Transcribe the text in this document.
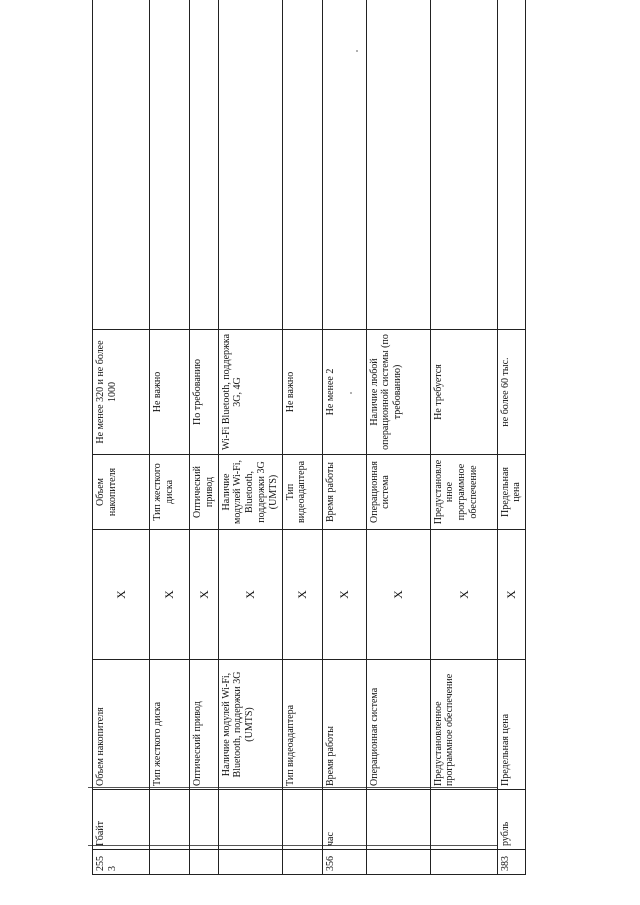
2553	Гбайт	Объем накопителя	X	Объем накопителя	Не менее 320 и не более 1000	
		Тип жесткого диска	X	Тип жесткого диска	Не важно	
		Оптический привод	X	Оптический привод	По требованию	
		Наличие модулей Wi-Fi, Bluetooth, поддержки 3G (UMTS)	X	Наличие модулей Wi-Fi, Bluetooth, поддержки 3G (UMTS)	Wi-Fi Bluetooth, поддержка 3G, 4G	
		Тип видеоадаптера	X	Тип видеоадаптера	Не важно	
356	час	Время работы	X	Время работы	Не менее 2	
		Операционная система	X	Операционная система	Наличие любой операционной системы (по требованию)	
		Предустановленное программное обеспечение	X	Предустановленное программное обеспечение	Не требуется	
383	рубль	Предельная цена	X	Предельная цена	не более 60 тыс.	
